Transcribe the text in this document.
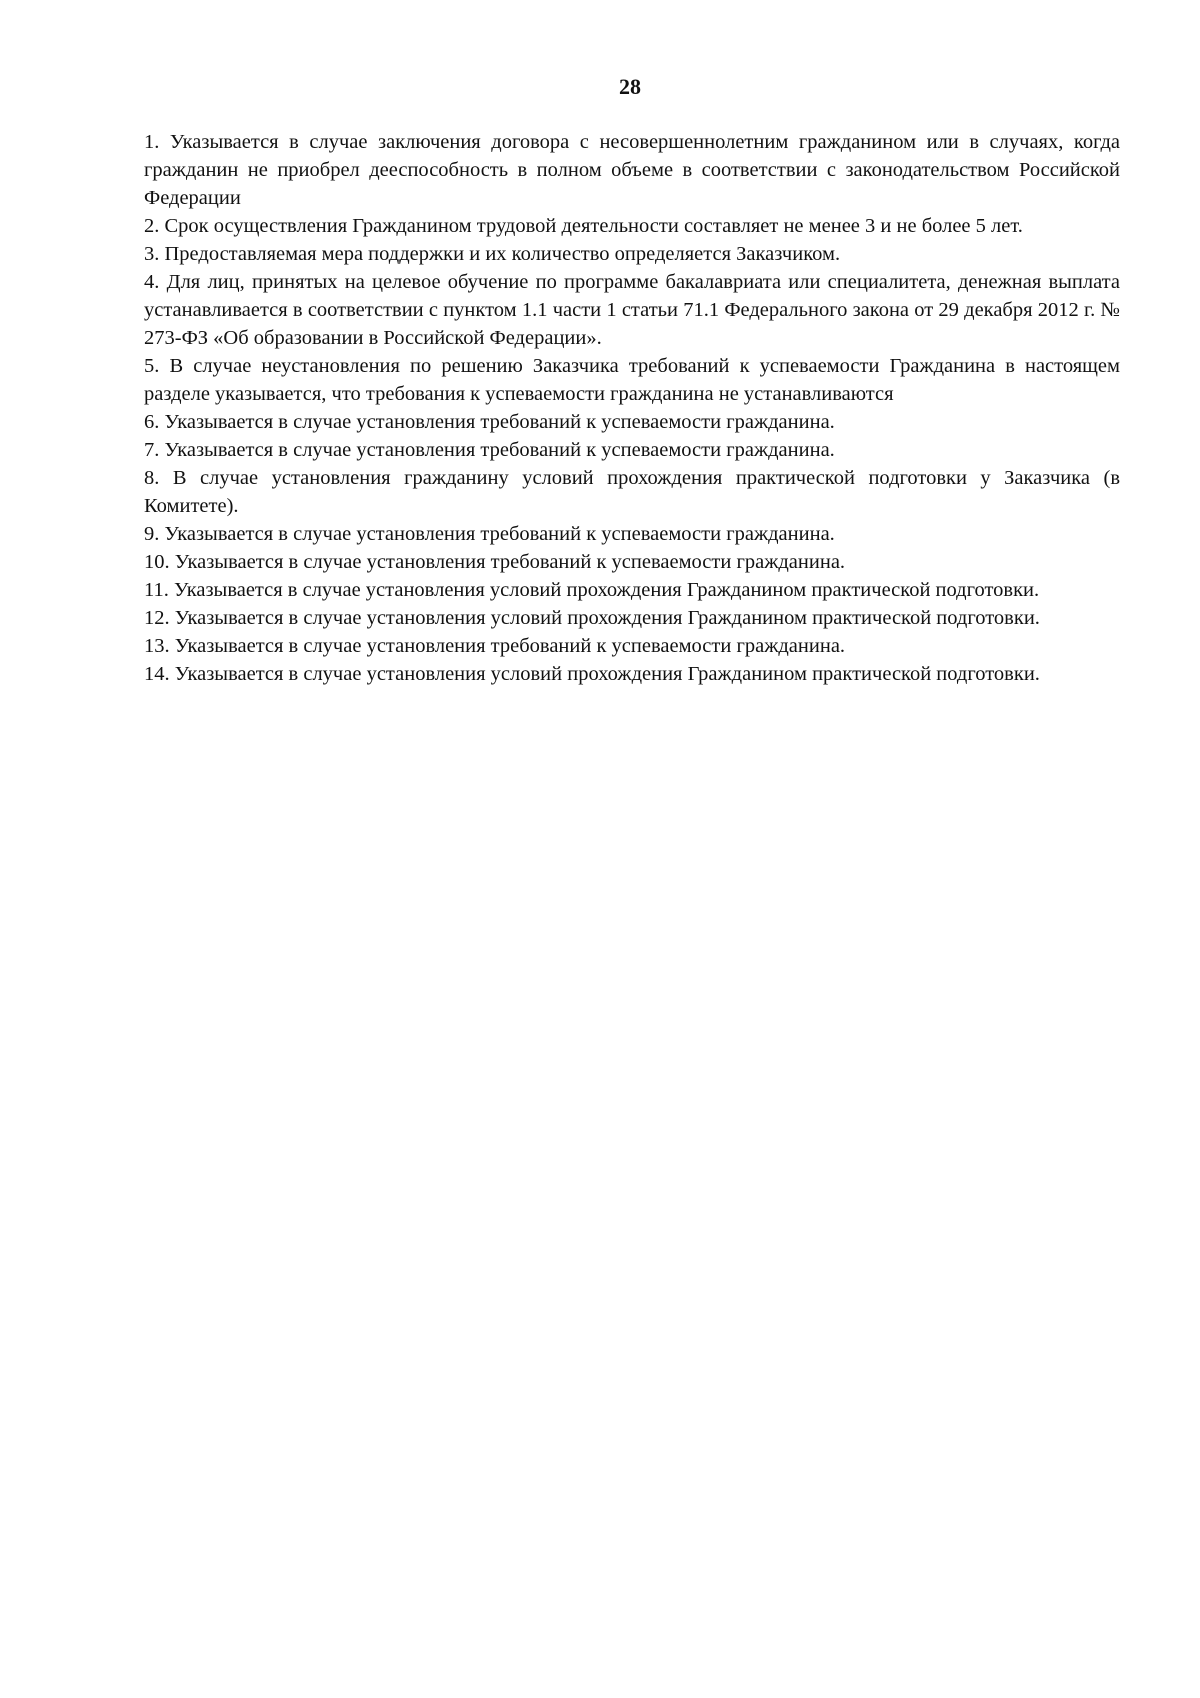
28

1. Указывается в случае заключения договора с несовершеннолетним гражданином или в случаях, когда гражданин не приобрел дееспособность в полном объеме в соответствии с законодательством Российской Федерации

2. Срок осуществления Гражданином трудовой деятельности составляет не менее 3 и не более 5 лет.

3. Предоставляемая мера поддержки и их количество определяется Заказчиком.

4. Для лиц, принятых на целевое обучение по программе бакалавриата или специалитета, денежная выплата устанавливается в соответствии с пунктом 1.1 части 1 статьи 71.1 Федерального закона от 29 декабря 2012 г. № 273-ФЗ «Об образовании в Российской Федерации».

5. В случае неустановления по решению Заказчика требований к успеваемости Гражданина в настоящем разделе указывается, что требования к успеваемости гражданина не устанавливаются

6. Указывается в случае установления требований к успеваемости гражданина.

7. Указывается в случае установления требований к успеваемости гражданина.

8. В случае установления гражданину условий прохождения практической подготовки у Заказчика (в Комитете).

9. Указывается в случае установления требований к успеваемости гражданина.

10. Указывается в случае установления требований к успеваемости гражданина.

11. Указывается в случае установления условий прохождения Гражданином практической подготовки.

12. Указывается в случае установления условий прохождения Гражданином практической подготовки.

13. Указывается в случае установления требований к успеваемости гражданина.

14. Указывается в случае установления условий прохождения Гражданином практической подготовки.
